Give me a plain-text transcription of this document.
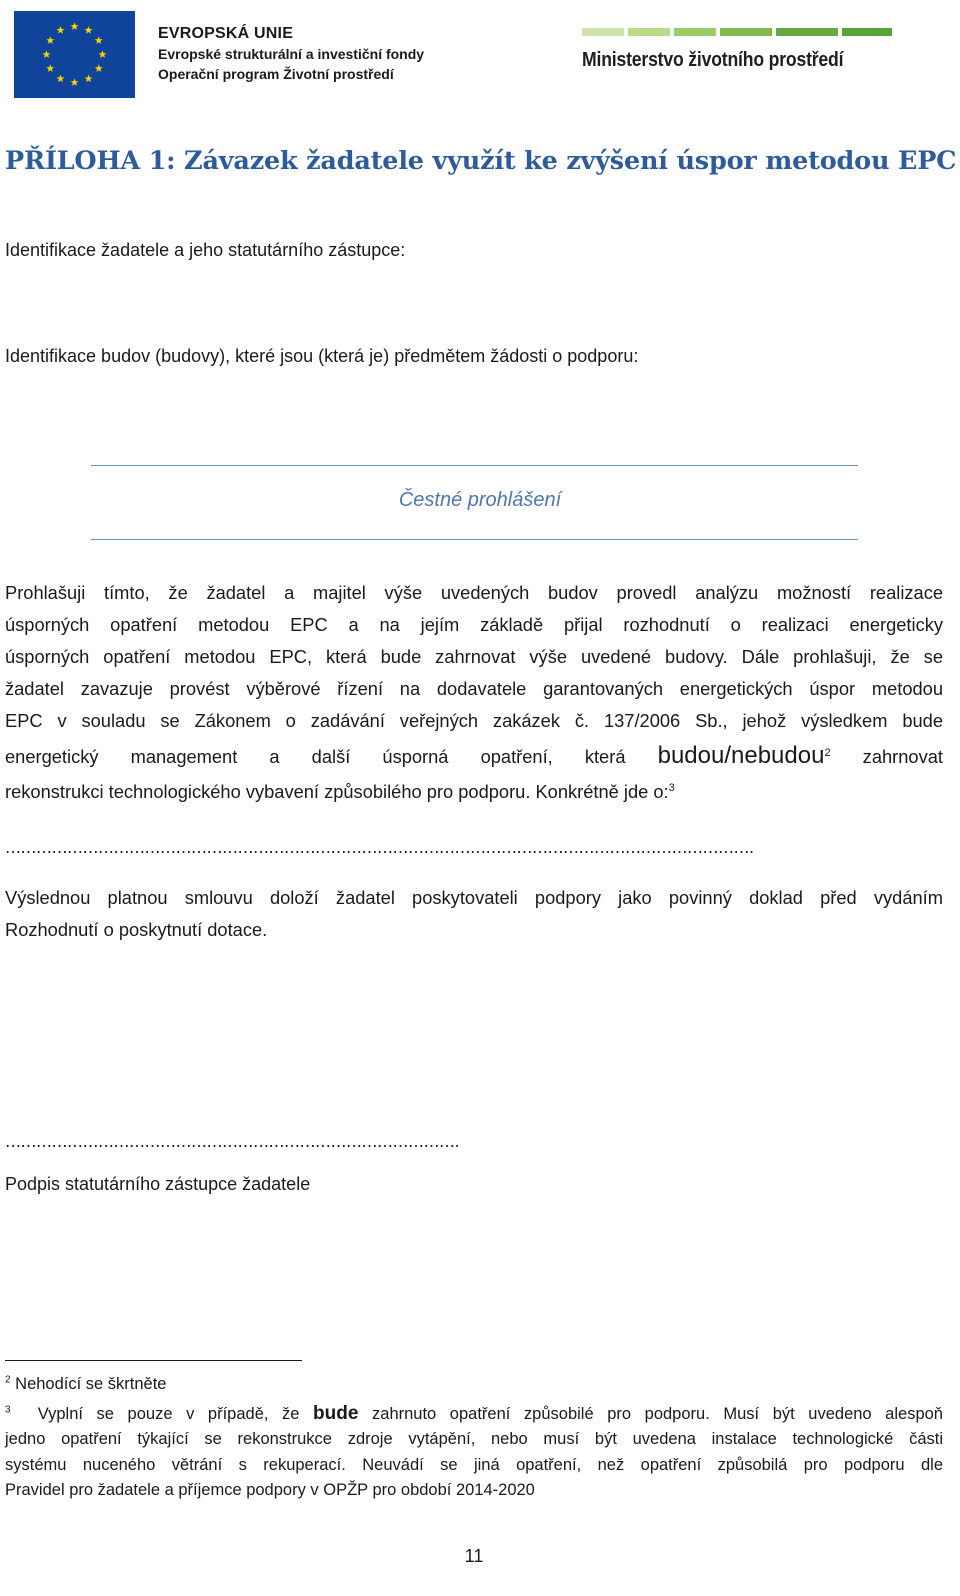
EVROPSKÁ UNIE
Evropské strukturální a investiční fondy
Operační program Životní prostředí
Ministerstvo životního prostředí
PŘÍLOHA 1: Závazek žadatele využít ke zvýšení úspor metodou EPC
Identifikace žadatele a jeho statutárního zástupce:
Identifikace budov (budovy), které jsou (která je) předmětem žádosti o podporu:
Čestné prohlášení
Prohlašuji tímto, že žadatel a majitel výše uvedených budov provedl analýzu možností realizace
úsporných opatření metodou EPC a na jejím základě přijal rozhodnutí o realizaci energeticky
úsporných opatření metodou EPC, která bude zahrnovat výše uvedené budovy. Dále prohlašuji, že se
žadatel zavazuje provést výběrové řízení na dodavatele garantovaných energetických úspor metodou
EPC v souladu se Zákonem o zadávání veřejných zakázek č. 137/2006 Sb., jehož výsledkem bude
energetický management a další úsporná opatření, která budou/nebudou$^2$ zahrnovat
rekonstrukci technologického vybavení způsobilého pro podporu. Konkrétně jde o:$^3$
……………………………………………………………………………………………………………………………….
Výslednou platnou smlouvu doloží žadatel poskytovateli podpory jako povinný doklad před vydáním
Rozhodnutí o poskytnutí dotace.
…………………………………………………………………………….
Podpis statutárního zástupce žadatele
$^2$ Nehodící se škrtněte
$^3$ Vyplní se pouze v případě, že bude zahrnuto opatření způsobilé pro podporu. Musí být uvedeno alespoň
jedno opatření týkající se rekonstrukce zdroje vytápění, nebo musí být uvedena instalace technologické části
systému nuceného větrání s rekuperací. Neuvádí se jiná opatření, než opatření způsobilá pro podporu dle
Pravidel pro žadatele a příjemce podpory v OPŽP pro období 2014-2020
11
